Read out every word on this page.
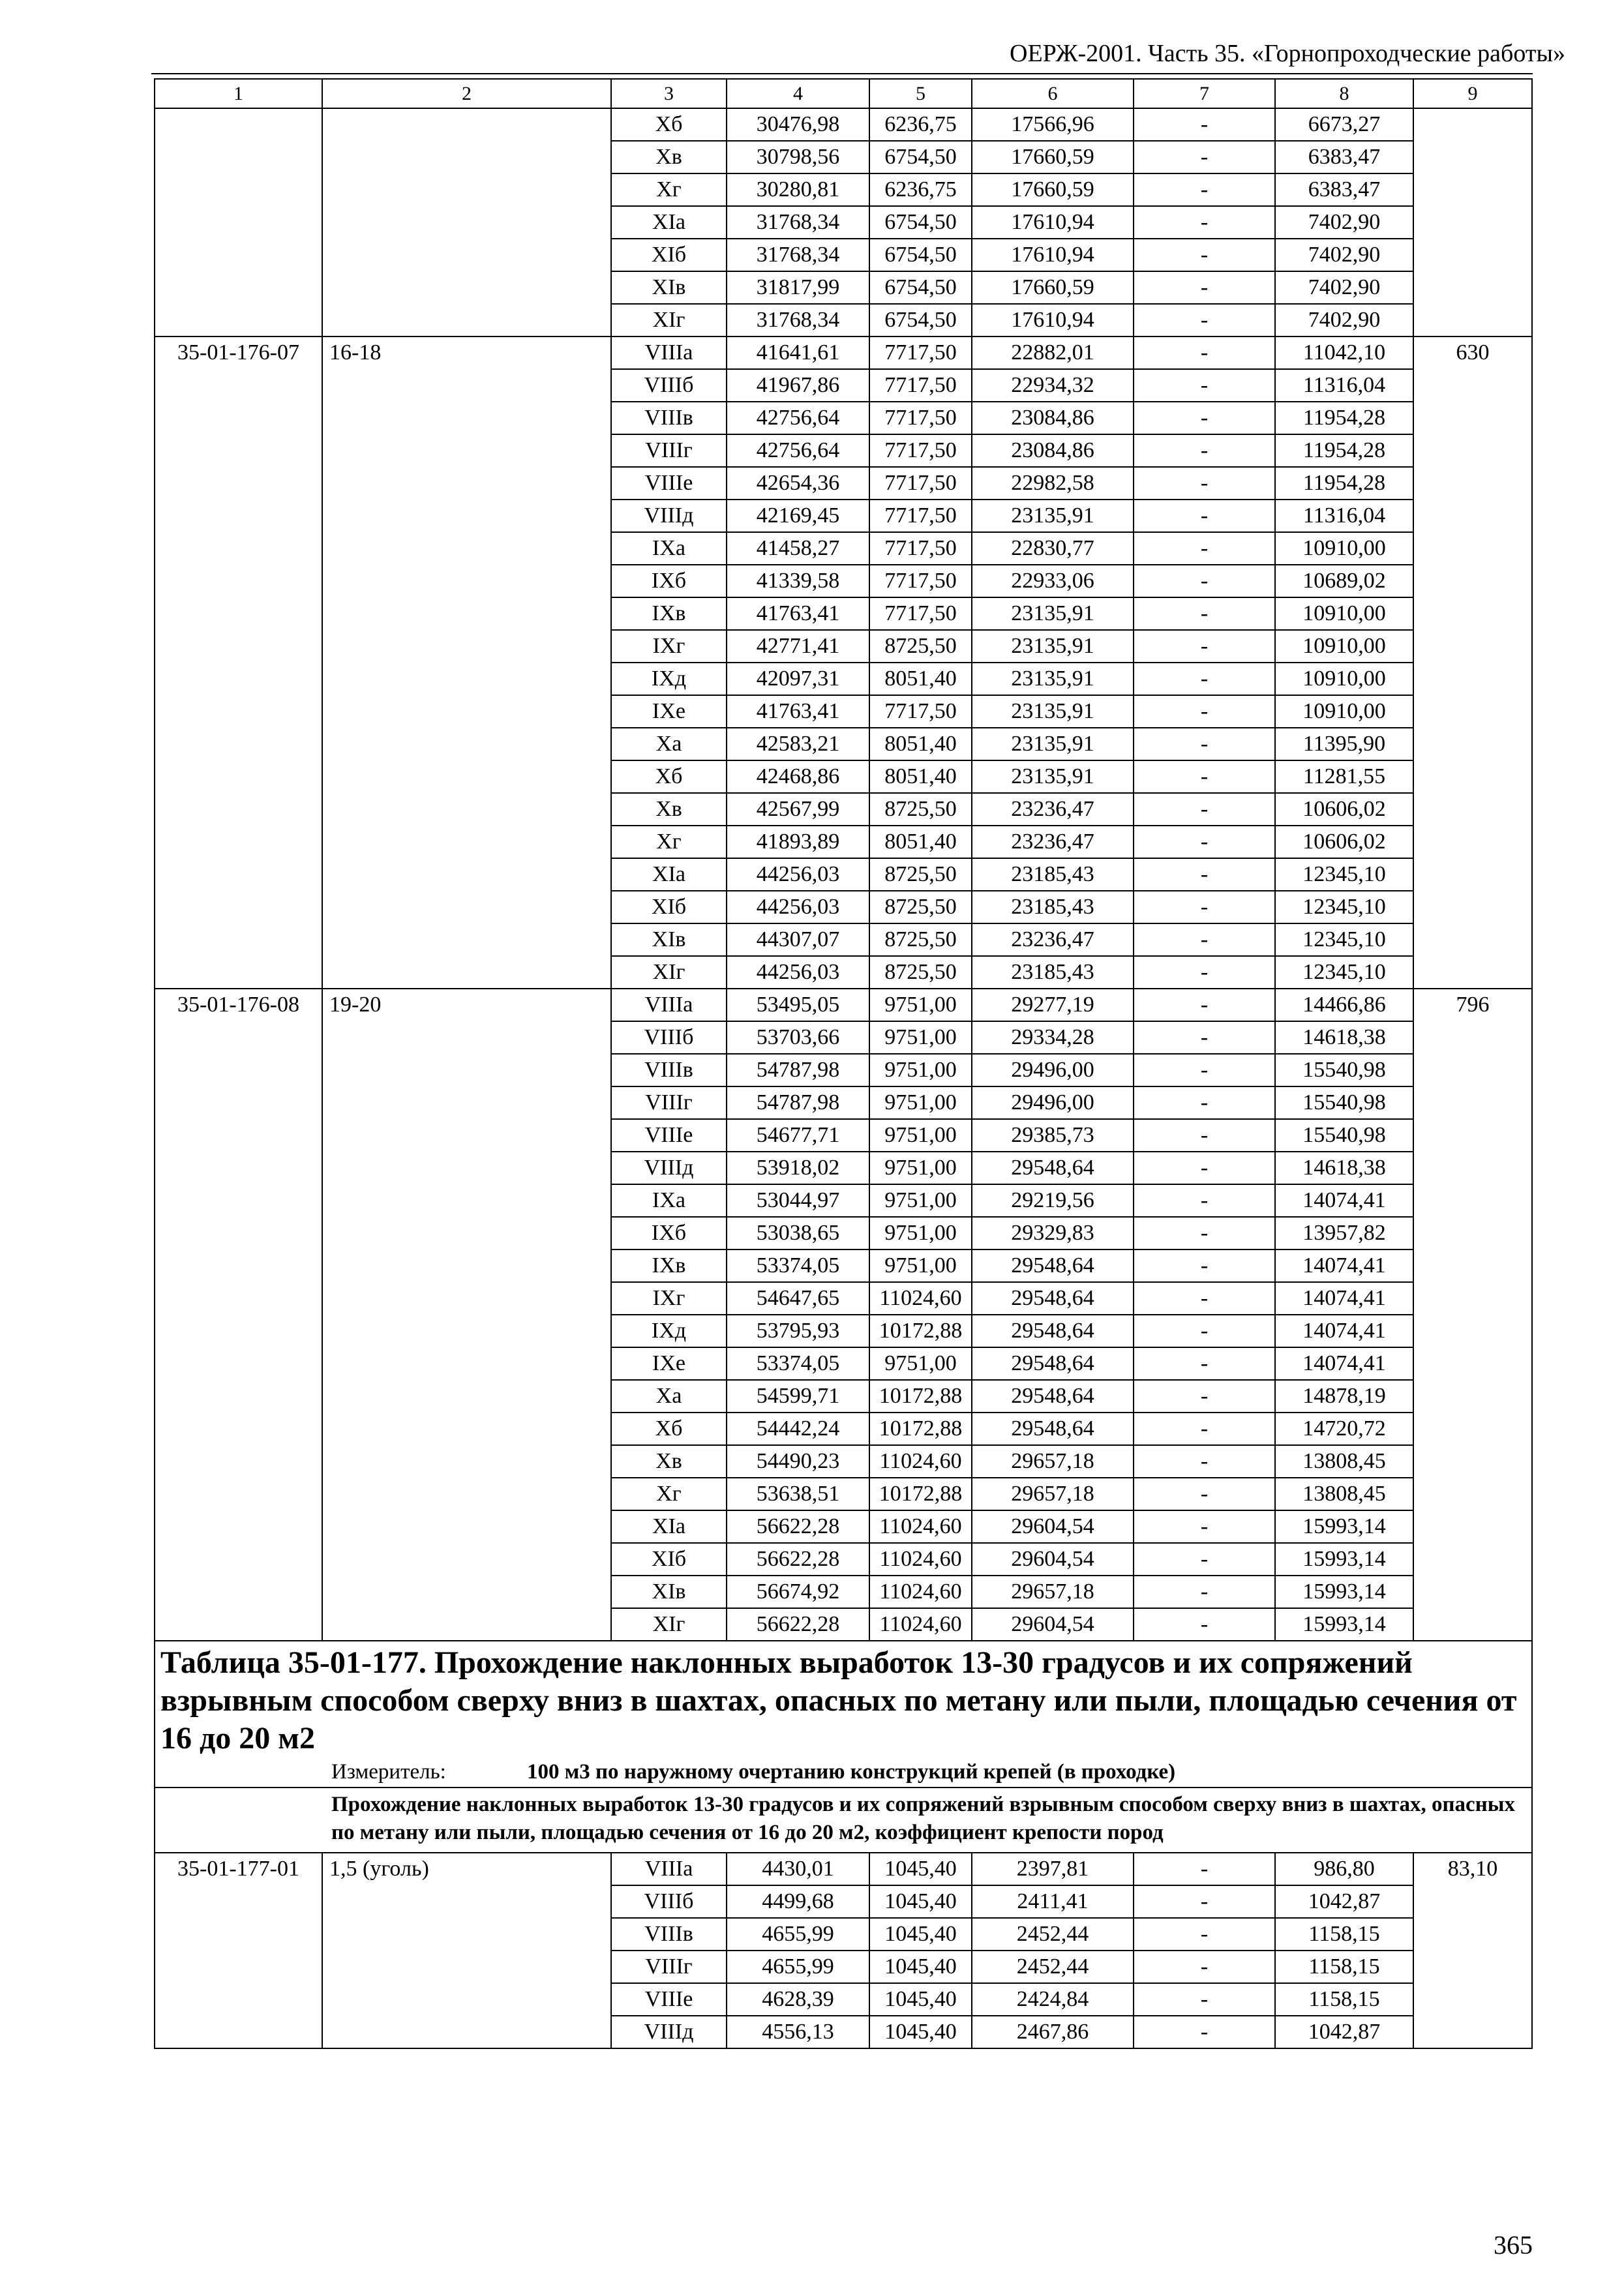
ОЕРЖ-2001. Часть 35. «Горнопроходческие работы»
1	2	3	4	5	6	7	8	9
		Хб	30476,98	6236,75	17566,96	-	6673,27	
		Хв	30798,56	6754,50	17660,59	-	6383,47	
		Хг	30280,81	6236,75	17660,59	-	6383,47	
		ХIа	31768,34	6754,50	17610,94	-	7402,90	
		ХIб	31768,34	6754,50	17610,94	-	7402,90	
		ХIв	31817,99	6754,50	17660,59	-	7402,90	
		ХIг	31768,34	6754,50	17610,94	-	7402,90	
35-01-176-07	16-18	VIIIа	41641,61	7717,50	22882,01	-	11042,10	630
		VIIIб	41967,86	7717,50	22934,32	-	11316,04	
		VIIIв	42756,64	7717,50	23084,86	-	11954,28	
		VIIIг	42756,64	7717,50	23084,86	-	11954,28	
		VIIIе	42654,36	7717,50	22982,58	-	11954,28	
		VIIIд	42169,45	7717,50	23135,91	-	11316,04	
		IХа	41458,27	7717,50	22830,77	-	10910,00	
		IХб	41339,58	7717,50	22933,06	-	10689,02	
		IХв	41763,41	7717,50	23135,91	-	10910,00	
		IХг	42771,41	8725,50	23135,91	-	10910,00	
		IХд	42097,31	8051,40	23135,91	-	10910,00	
		IХе	41763,41	7717,50	23135,91	-	10910,00	
		Ха	42583,21	8051,40	23135,91	-	11395,90	
		Хб	42468,86	8051,40	23135,91	-	11281,55	
		Хв	42567,99	8725,50	23236,47	-	10606,02	
		Хг	41893,89	8051,40	23236,47	-	10606,02	
		ХIа	44256,03	8725,50	23185,43	-	12345,10	
		ХIб	44256,03	8725,50	23185,43	-	12345,10	
		ХIв	44307,07	8725,50	23236,47	-	12345,10	
		ХIг	44256,03	8725,50	23185,43	-	12345,10	
35-01-176-08	19-20	VIIIа	53495,05	9751,00	29277,19	-	14466,86	796
		VIIIб	53703,66	9751,00	29334,28	-	14618,38	
		VIIIв	54787,98	9751,00	29496,00	-	15540,98	
		VIIIг	54787,98	9751,00	29496,00	-	15540,98	
		VIIIе	54677,71	9751,00	29385,73	-	15540,98	
		VIIIд	53918,02	9751,00	29548,64	-	14618,38	
		IХа	53044,97	9751,00	29219,56	-	14074,41	
		IХб	53038,65	9751,00	29329,83	-	13957,82	
		IХв	53374,05	9751,00	29548,64	-	14074,41	
		IХг	54647,65	11024,60	29548,64	-	14074,41	
		IХд	53795,93	10172,88	29548,64	-	14074,41	
		IХе	53374,05	9751,00	29548,64	-	14074,41	
		Ха	54599,71	10172,88	29548,64	-	14878,19	
		Хб	54442,24	10172,88	29548,64	-	14720,72	
		Хв	54490,23	11024,60	29657,18	-	13808,45	
		Хг	53638,51	10172,88	29657,18	-	13808,45	
		ХIа	56622,28	11024,60	29604,54	-	15993,14	
		ХIб	56622,28	11024,60	29604,54	-	15993,14	
		ХIв	56674,92	11024,60	29657,18	-	15993,14	
		ХIг	56622,28	11024,60	29604,54	-	15993,14	

Таблица 35-01-177. Прохождение наклонных выработок 13-30 градусов и их сопряжений взрывным способом сверху вниз в шахтах, опасных по метану или пыли, площадью сечения от 16 до 20 м2
Измеритель: 100 м3 по наружному очертанию конструкций крепей (в проходке)								

Прохождение наклонных выработок 13-30 градусов и их сопряжений взрывным способом сверху вниз в шахтах, опасных по метану или пыли, площадью сечения от 16 до 20 м2, коэффициент крепости пород								
35-01-177-01	1,5 (уголь)	VIIIа	4430,01	1045,40	2397,81	-	986,80	83,10
		VIIIб	4499,68	1045,40	2411,41	-	1042,87	
		VIIIв	4655,99	1045,40	2452,44	-	1158,15	
		VIIIг	4655,99	1045,40	2452,44	-	1158,15	
		VIIIе	4628,39	1045,40	2424,84	-	1158,15	
		VIIIд	4556,13	1045,40	2467,86	-	1042,87	
365
